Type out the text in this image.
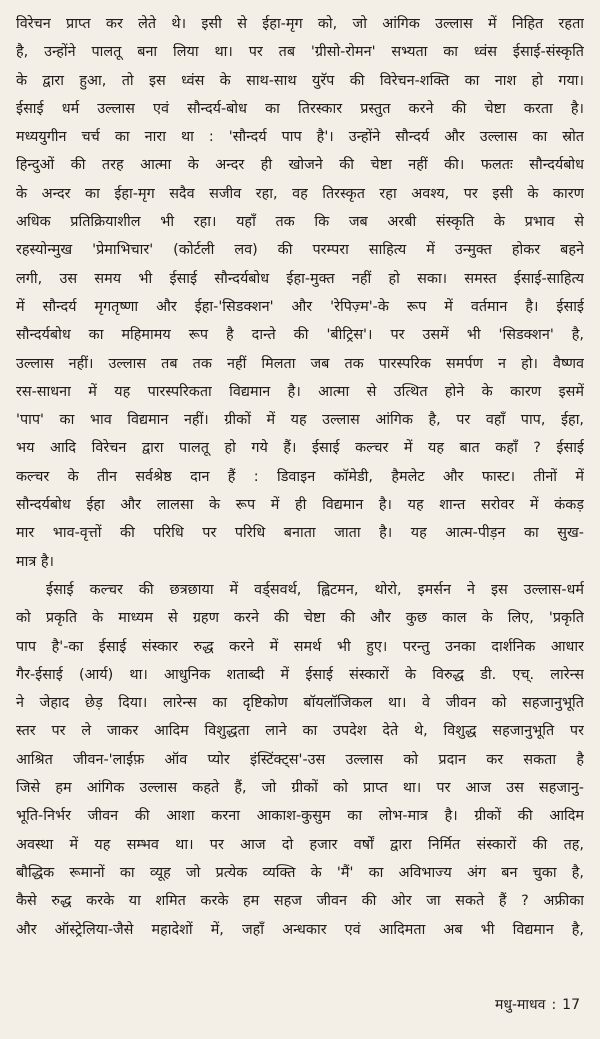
विरेचन प्राप्त कर लेते थे। इसी से ईहा-मृग को, जो आंगिक उल्लास में निहित रहता
है, उन्होंने पालतू बना लिया था। पर तब 'ग्रीसो-रोमन' सभ्यता का ध्वंस ईसाई-संस्कृति
के द्वारा हुआ, तो इस ध्वंस के साथ-साथ युरॅप की विरेचन-शक्ति का नाश हो गया।
ईसाई धर्म उल्लास एवं सौन्दर्य-बोध का तिरस्कार प्रस्तुत करने की चेष्टा करता है।
मध्ययुगीन चर्च का नारा था : 'सौन्दर्य पाप है'। उन्होंने सौन्दर्य और उल्लास का स्रोत
हिन्दुओं की तरह आत्मा के अन्दर ही खोजने की चेष्टा नहीं की। फलतः सौन्दर्यबोध
के अन्दर का ईहा-मृग सदैव सजीव रहा, वह तिरस्कृत रहा अवश्य, पर इसी के कारण
अधिक प्रतिक्रियाशील भी रहा। यहाँ तक कि जब अरबी संस्कृति के प्रभाव से
रहस्योन्मुख 'प्रेमाभिचार' (कोर्टली लव) की परम्परा साहित्य में उन्मुक्त होकर बहने
लगी, उस समय भी ईसाई सौन्दर्यबोध ईहा-मुक्त नहीं हो सका। समस्त ईसाई-साहित्य
में सौन्दर्य मृगतृष्णा और ईहा-'सिडक्शन' और 'रेपिज़्म'-के रूप में वर्तमान है। ईसाई
सौन्दर्यबोध का महिमामय रूप है दान्ते की 'बीट्रिस'। पर उसमें भी 'सिडक्शन' है,
उल्लास नहीं। उल्लास तब तक नहीं मिलता जब तक पारस्परिक समर्पण न हो। वैष्णव
रस-साधना में यह पारस्परिकता विद्यमान है। आत्मा से उत्थित होने के कारण इसमें
'पाप' का भाव विद्यमान नहीं। ग्रीकों में यह उल्लास आंगिक है, पर वहाँ पाप, ईहा,
भय आदि विरेचन द्वारा पालतू हो गये हैं। ईसाई कल्चर में यह बात कहाँ ? ईसाई
कल्चर के तीन सर्वश्रेष्ठ दान हैं : डिवाइन कॉमेडी, हैमलेट और फास्ट। तीनों में
सौन्दर्यबोध ईहा और लालसा के रूप में ही विद्यमान है। यह शान्त सरोवर में कंकड़
मार भाव-वृत्तों की परिधि पर परिधि बनाता जाता है। यह आत्म-पीड़न का सुख-
मात्र है।
ईसाई कल्चर की छत्रछाया में वर्ड्सवर्थ, ह्विटमन, थोरो, इमर्सन ने इस उल्लास-धर्म
को प्रकृति के माध्यम से ग्रहण करने की चेष्टा की और कुछ काल के लिए, 'प्रकृति
पाप है'-का ईसाई संस्कार रुद्ध करने में समर्थ भी हुए। परन्तु उनका दार्शनिक आधार
गैर-ईसाई (आर्य) था। आधुनिक शताब्दी में ईसाई संस्कारों के विरुद्ध डी. एच्. लारेन्स
ने जेहाद छेड़ दिया। लारेन्स का दृष्टिकोण बॉयलॉजिकल था। वे जीवन को सहजानुभूति
स्तर पर ले जाकर आदिम विशुद्धता लाने का उपदेश देते थे, विशुद्ध सहजानुभूति पर
आश्रित जीवन-'लाईफ़ ऑव प्योर इंस्टिंक्ट्स'-उस उल्लास को प्रदान कर सकता है
जिसे हम आंगिक उल्लास कहते हैं, जो ग्रीकों को प्राप्त था। पर आज उस सहजानु-
भूति-निर्भर जीवन की आशा करना आकाश-कुसुम का लोभ-मात्र है। ग्रीकों की आदिम
अवस्था में यह सम्भव था। पर आज दो हजार वर्षों द्वारा निर्मित संस्कारों की तह,
बौद्धिक रूमानों का व्यूह जो प्रत्येक व्यक्ति के 'मैं' का अविभाज्य अंग बन चुका है,
कैसे रुद्ध करके या शमित करके हम सहज जीवन की ओर जा सकते हैं ? अफ्रीका
और ऑस्ट्रेलिया-जैसे महादेशों में, जहाँ अन्धकार एवं आदिमता अब भी विद्यमान है,
मधु-माधव : 17
